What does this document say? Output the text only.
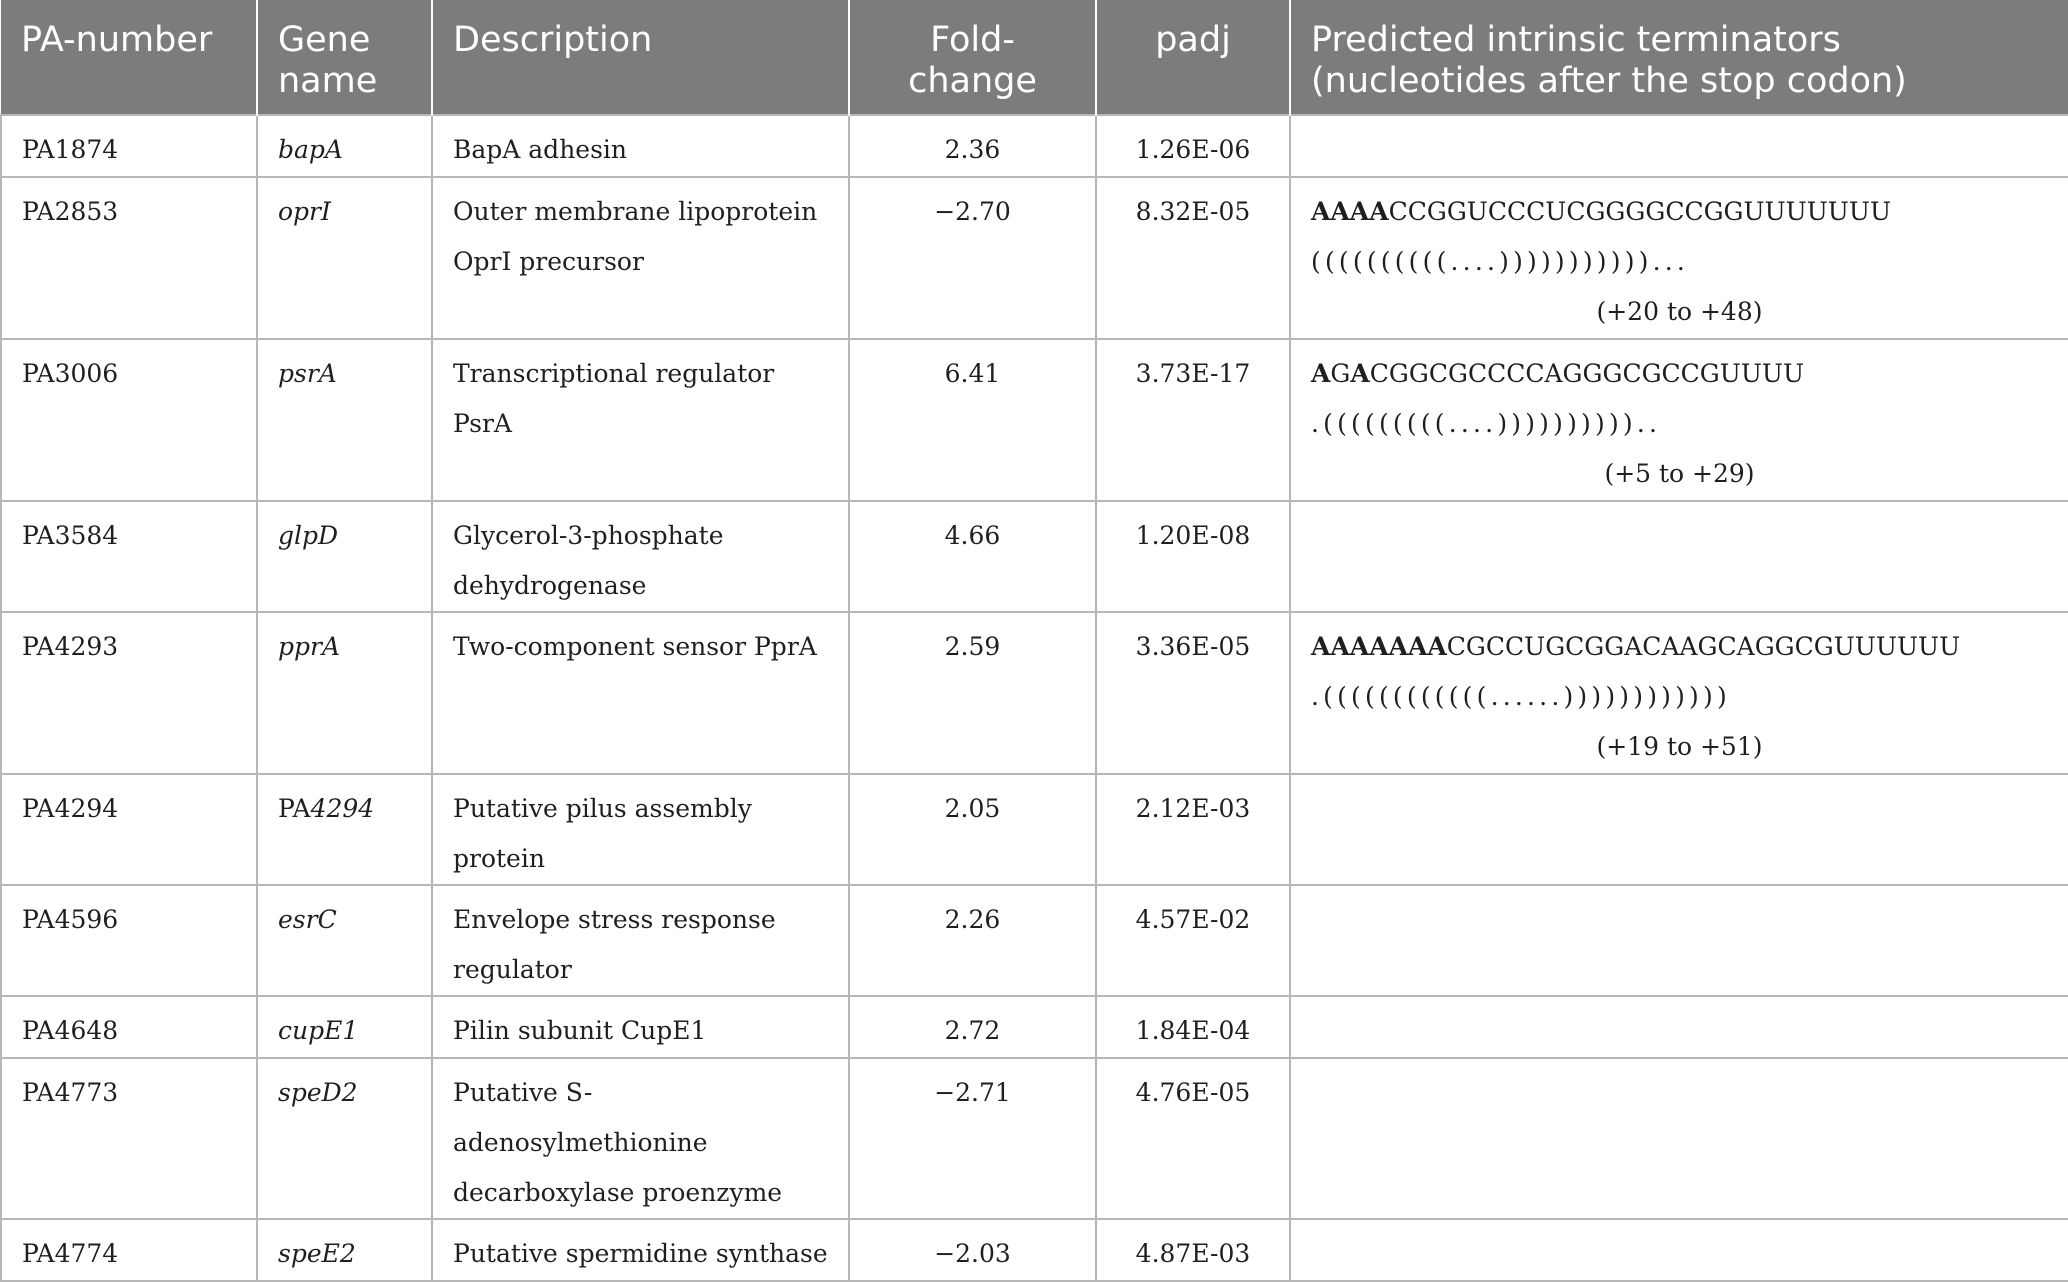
PA-number	Gene name	Description	Fold-change	padj	Predicted intrinsic terminators (nucleotides after the stop codon)
PA1874	bapA	BapA adhesin	2.36	1.26E-06	
PA2853	oprI	Outer membrane lipoprotein OprI precursor	−2.70	8.32E-05	AAAACCGGUCCCUCGGGGCCGGUUUUUUU
((((((((((....)))))))))))...
(+20 to +48)

PA3006	psrA	Transcriptional regulator PsrA	6.41	3.73E-17	AGACGGCGCCCCAGGGCGCCGUUUU
.(((((((((....))))))))))..
(+5 to +29)

PA3584	glpD	Glycerol-3-phosphate dehydrogenase	4.66	1.20E-08	
PA4293	pprA	Two-component sensor PprA	2.59	3.36E-05	AAAAAAACGCCUGCGGACAAGCAGGCGUUUUUU
.((((((((((((......))))))))))))
(+19 to +51)

PA4294	PA4294	Putative pilus assembly protein	2.05	2.12E-03	
PA4596	esrC	Envelope stress response regulator	2.26	4.57E-02	
PA4648	cupE1	Pilin subunit CupE1	2.72	1.84E-04	
PA4773	speD2	Putative S-adenosylmethionine decarboxylase proenzyme	−2.71	4.76E-05	
PA4774	speE2	Putative spermidine synthase	−2.03	4.87E-03	
